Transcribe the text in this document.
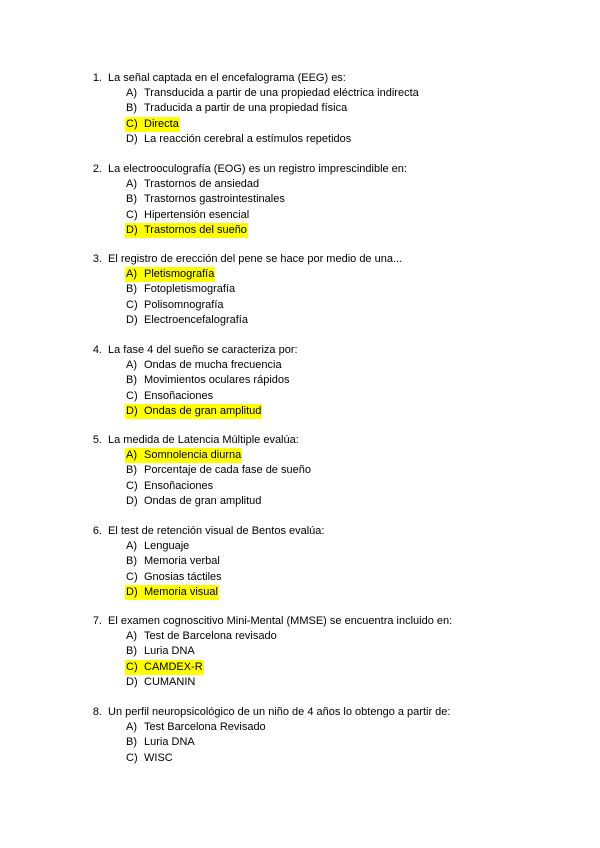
1. La señal captada en el encefalograma (EEG) es:
A) Transducida a partir de una propiedad eléctrica indirecta
B) Traducida a partir de una propiedad física
C) Directa
D) La reacción cerebral a estímulos repetidos
2. La electrooculografía (EOG) es un registro imprescindible en:
A) Trastornos de ansiedad
B) Trastornos gastrointestinales
C) Hipertensión esencial
D) Trastornos del sueño
3. El registro de erección del pene se hace por medio de una...
A) Pletismografía
B) Fotopletismografía
C) Polisomnografía
D) Electroencefalografía
4. La fase 4 del sueño se caracteriza por:
A) Ondas de mucha frecuencia
B) Movimientos oculares rápidos
C) Ensoñaciones
D) Ondas de gran amplitud
5. La medida de Latencia Múltiple evalúa:
A) Somnolencia diurna
B) Porcentaje de cada fase de sueño
C) Ensoñaciones
D) Ondas de gran amplitud
6. El test de retención visual de Bentos evalúa:
A) Lenguaje
B) Memoria verbal
C) Gnosias táctiles
D) Memoria visual
7. El examen cognoscitivo Mini-Mental (MMSE) se encuentra incluido en:
A) Test de Barcelona revisado
B) Luria DNA
C) CAMDEX-R
D) CUMANIN
8. Un perfil neuropsicológico de un niño de 4 años lo obtengo a partir de:
A) Test Barcelona Revisado
B) Luria DNA
C) WISC
